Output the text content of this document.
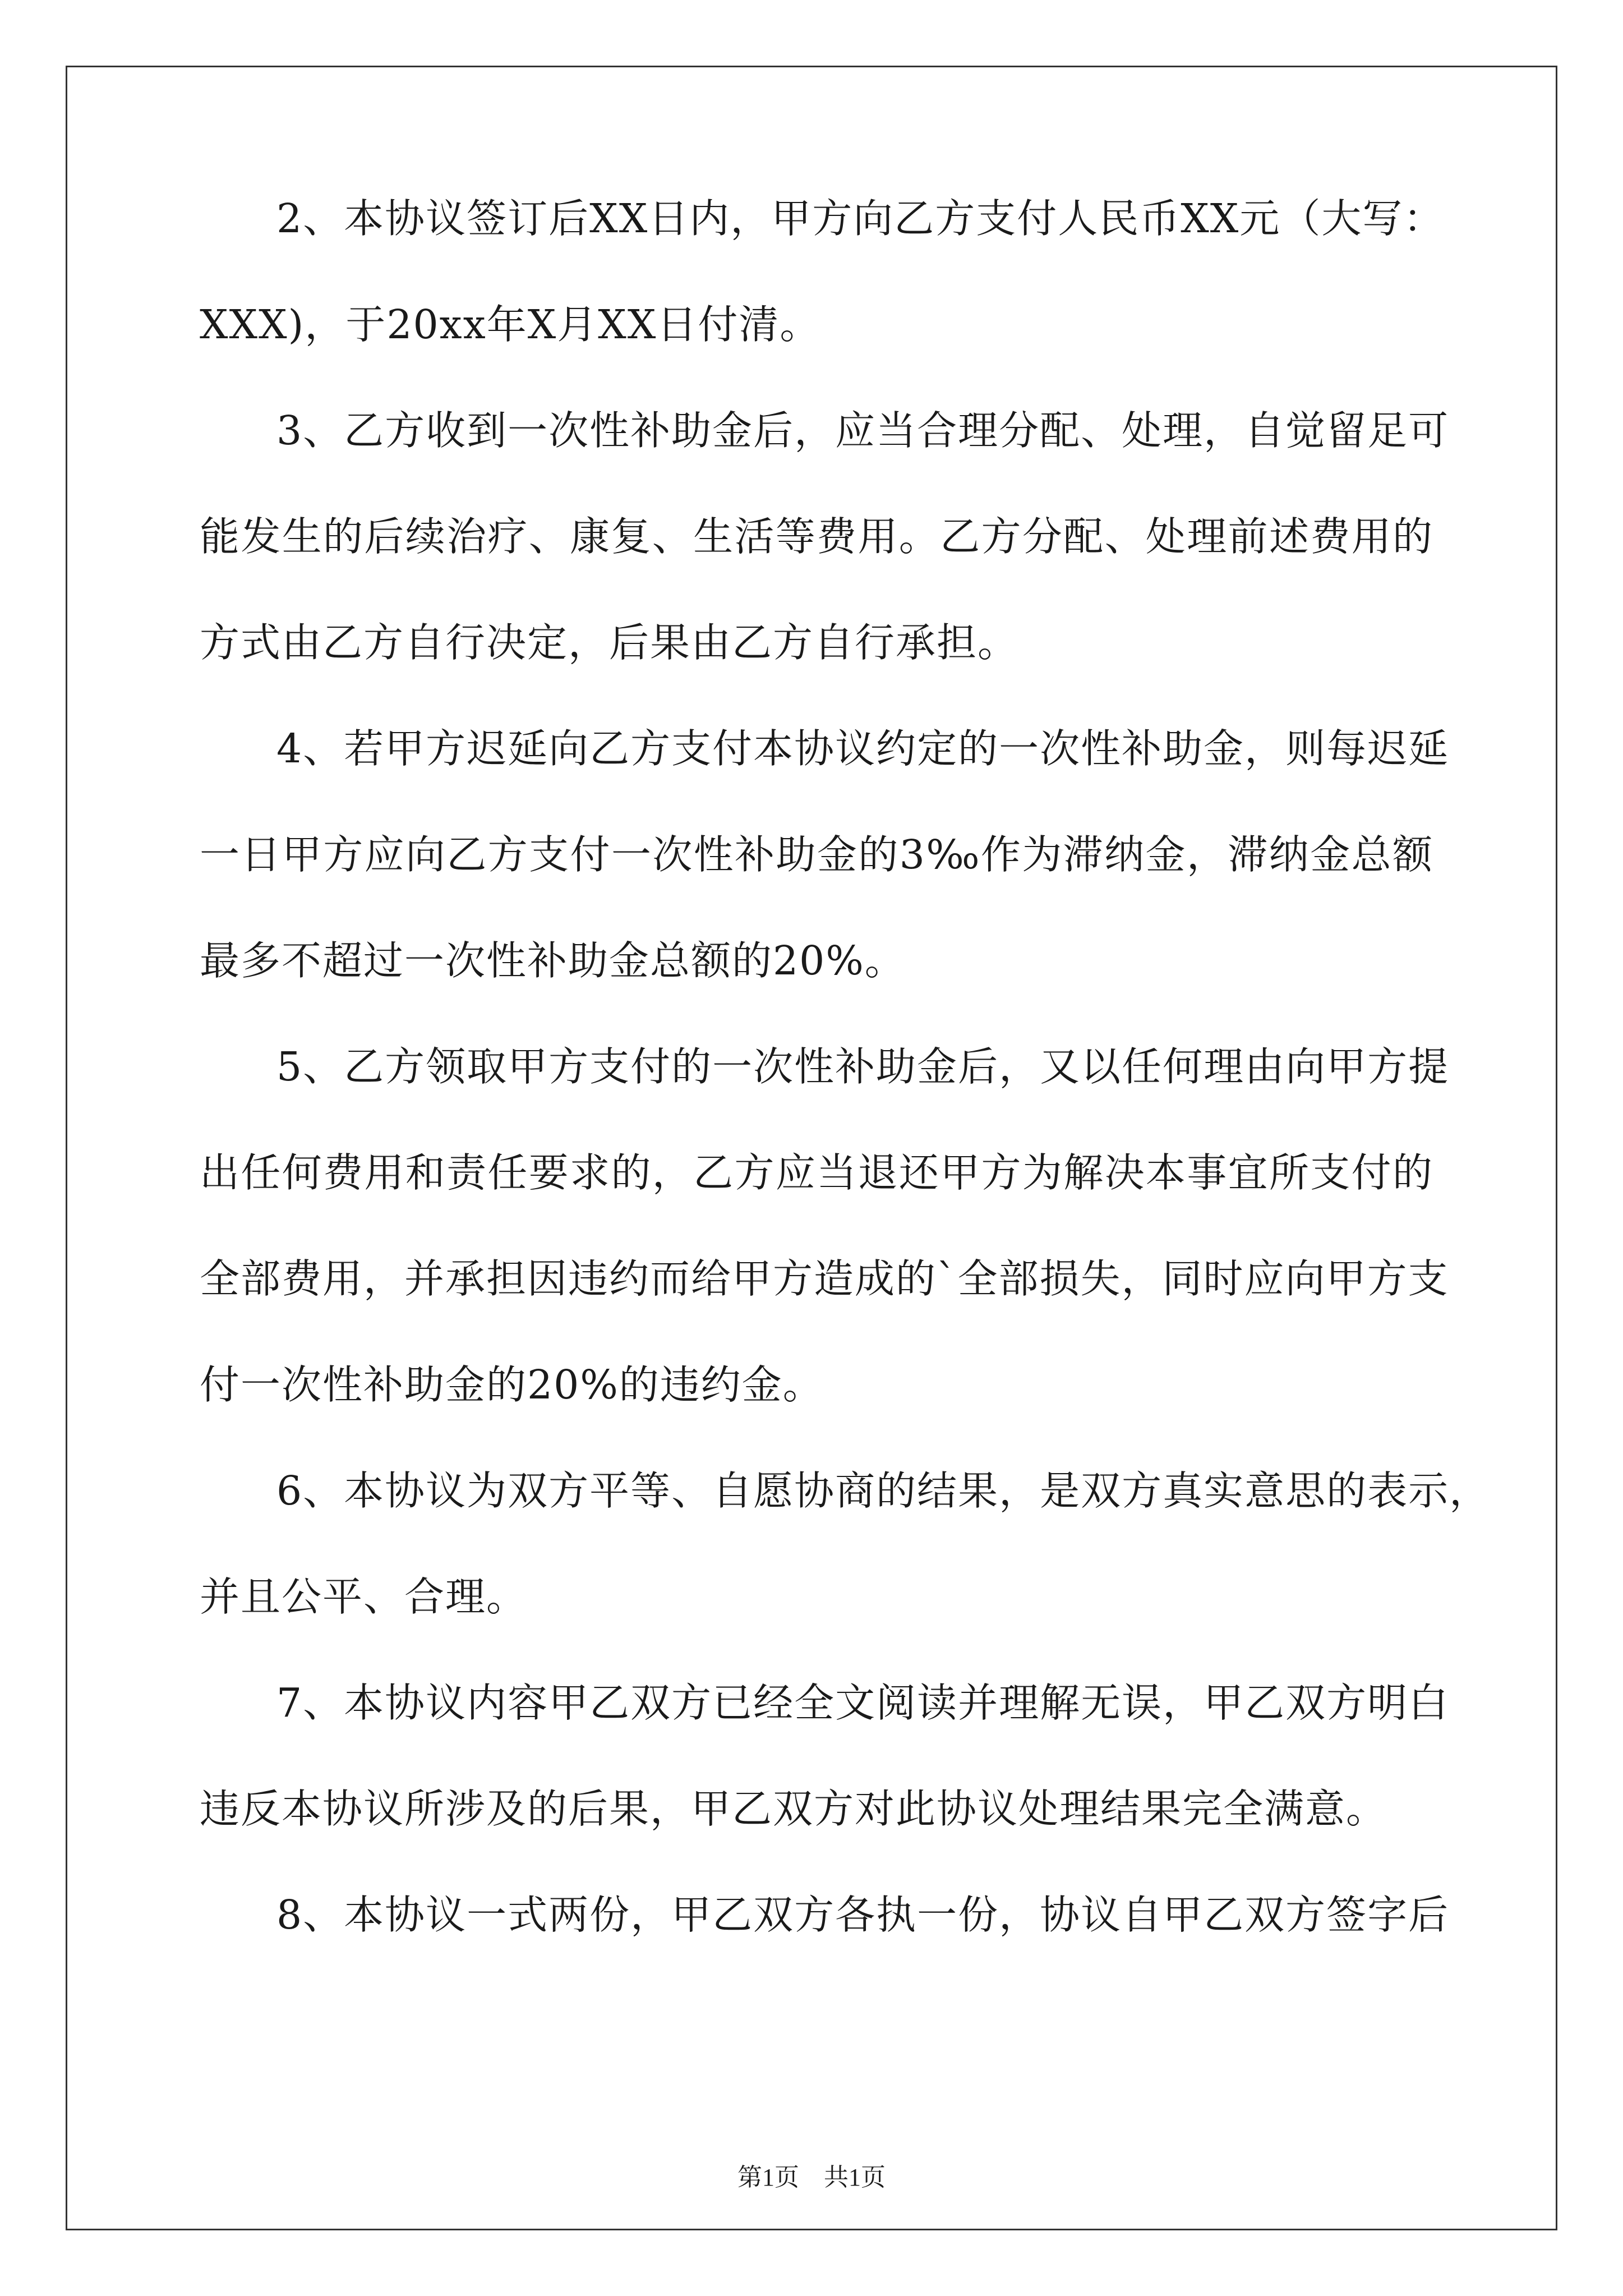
2、本协议签订后XX日内，甲方向乙方支付人民币XX元（大写：
XXX)，于20xx年X月XX日付清。
3、乙方收到一次性补助金后，应当合理分配、处理，自觉留足可
能发生的后续治疗、康复、生活等费用。乙方分配、处理前述费用的
方式由乙方自行决定，后果由乙方自行承担。
4、若甲方迟延向乙方支付本协议约定的一次性补助金，则每迟延
一日甲方应向乙方支付一次性补助金的3‰作为滞纳金，滞纳金总额
最多不超过一次性补助金总额的20%。
5、乙方领取甲方支付的一次性补助金后，又以任何理由向甲方提
出任何费用和责任要求的，乙方应当退还甲方为解决本事宜所支付的
全部费用，并承担因违约而给甲方造成的`全部损失，同时应向甲方支
付一次性补助金的20%的违约金。
6、本协议为双方平等、自愿协商的结果，是双方真实意思的表示，
并且公平、合理。
7、本协议内容甲乙双方已经全文阅读并理解无误，甲乙双方明白
违反本协议所涉及的后果，甲乙双方对此协议处理结果完全满意。
8、本协议一式两份，甲乙双方各执一份，协议自甲乙双方签字后
第1页　共1页
